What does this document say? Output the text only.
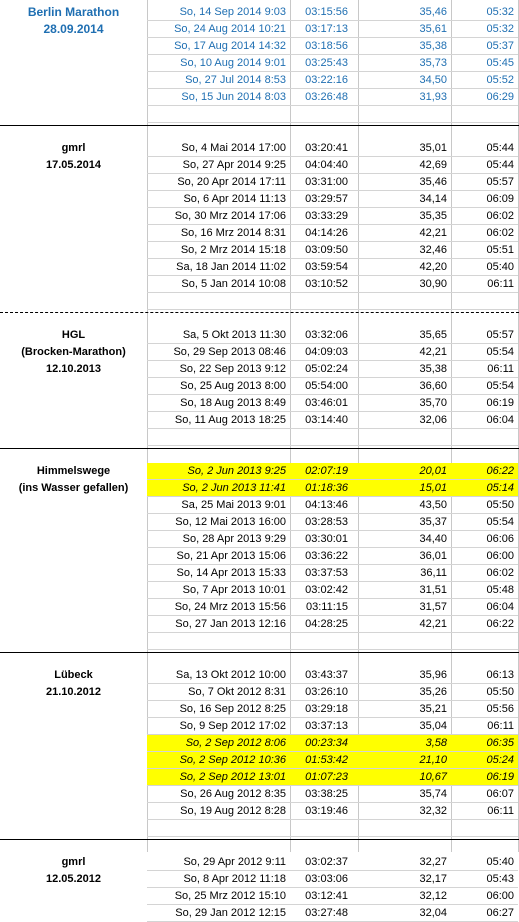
Berlin Marathon
28.09.2014
So, 14 Sep 2014 9:03	03:15:56	35,46	05:32
So, 24 Aug 2014 10:21	03:17:13	35,61	05:32
So, 17 Aug 2014 14:32	03:18:56	35,38	05:37
So, 10 Aug 2014 9:01	03:25:43	35,73	05:45
So, 27 Jul 2014 8:53	03:22:16	34,50	05:52
So, 15 Jun 2014 8:03	03:26:48	31,93	06:29
gmrl
17.05.2014
So, 4 Mai 2014 17:00	03:20:41	35,01	05:44
So, 27 Apr 2014 9:25	04:04:40	42,69	05:44
So, 20 Apr 2014 17:11	03:31:00	35,46	05:57
So, 6 Apr 2014 11:13	03:29:57	34,14	06:09
So, 30 Mrz 2014 17:06	03:33:29	35,35	06:02
So, 16 Mrz 2014 8:31	04:14:26	42,21	06:02
So, 2 Mrz 2014 15:18	03:09:50	32,46	05:51
Sa, 18 Jan 2014 11:02	03:59:54	42,20	05:40
So, 5 Jan 2014 10:08	03:10:52	30,90	06:11
HGL
(Brocken-Marathon)
12.10.2013
Sa, 5 Okt 2013 11:30	03:32:06	35,65	05:57
So, 29 Sep 2013 08:46	04:09:03	42,21	05:54
So, 22 Sep 2013 9:12	05:02:24	35,38	06:11
So, 25 Aug 2013 8:00	05:54:00	36,60	05:54
So, 18 Aug 2013 8:49	03:46:01	35,70	06:19
So, 11 Aug 2013 18:25	03:14:40	32,06	06:04
Himmelswege
(ins Wasser gefallen)
So, 2 Jun 2013 9:25	02:07:19	20,01	06:22
So, 2 Jun 2013 11:41	01:18:36	15,01	05:14
Sa, 25 Mai 2013 9:01	04:13:46	43,50	05:50
So, 12 Mai 2013 16:00	03:28:53	35,37	05:54
So, 28 Apr 2013 9:29	03:30:01	34,40	06:06
So, 21 Apr 2013 15:06	03:36:22	36,01	06:00
So, 14 Apr 2013 15:33	03:37:53	36,11	06:02
So, 7 Apr 2013 10:01	03:02:42	31,51	05:48
So, 24 Mrz 2013 15:56	03:11:15	31,57	06:04
So, 27 Jan 2013 12:16	04:28:25	42,21	06:22
Lübeck
21.10.2012
Sa, 13 Okt 2012 10:00	03:43:37	35,96	06:13
So, 7 Okt 2012 8:31	03:26:10	35,26	05:50
So, 16 Sep 2012 8:25	03:29:18	35,21	05:56
So, 9 Sep 2012 17:02	03:37:13	35,04	06:11
So, 2 Sep 2012 8:06	00:23:34	3,58	06:35
So, 2 Sep 2012 10:36	01:53:42	21,10	05:24
So, 2 Sep 2012 13:01	01:07:23	10,67	06:19
So, 26 Aug 2012 8:35	03:38:25	35,74	06:07
So, 19 Aug 2012 8:28	03:19:46	32,32	06:11
gmrl
12.05.2012
So, 29 Apr 2012 9:11	03:02:37	32,27	05:40
So, 8 Apr 2012 11:18	03:03:06	32,17	05:43
So, 25 Mrz 2012 15:10	03:12:41	32,12	06:00
So, 29 Jan 2012 12:15	03:27:48	32,04	06:27
